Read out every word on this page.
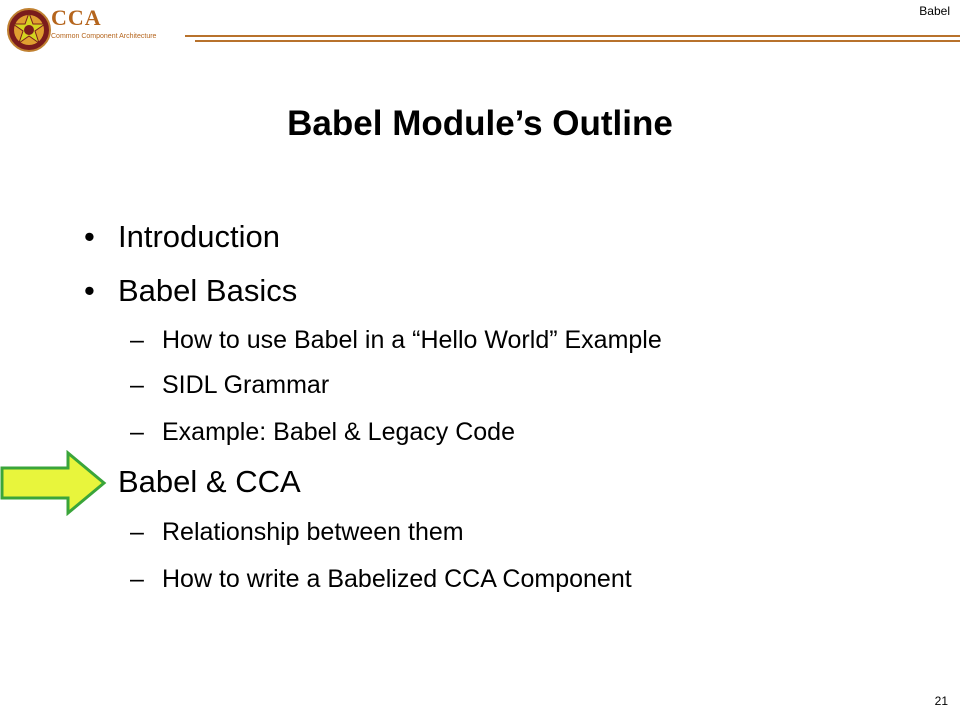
CCA
Common Component Architecture
Babel
Babel Module’s Outline
• Introduction
• Babel Basics
– How to use Babel in a “Hello World” Example
– SIDL Grammar
– Example: Babel & Legacy Code
Babel & CCA
– Relationship between them
– How to write a Babelized CCA Component
21
